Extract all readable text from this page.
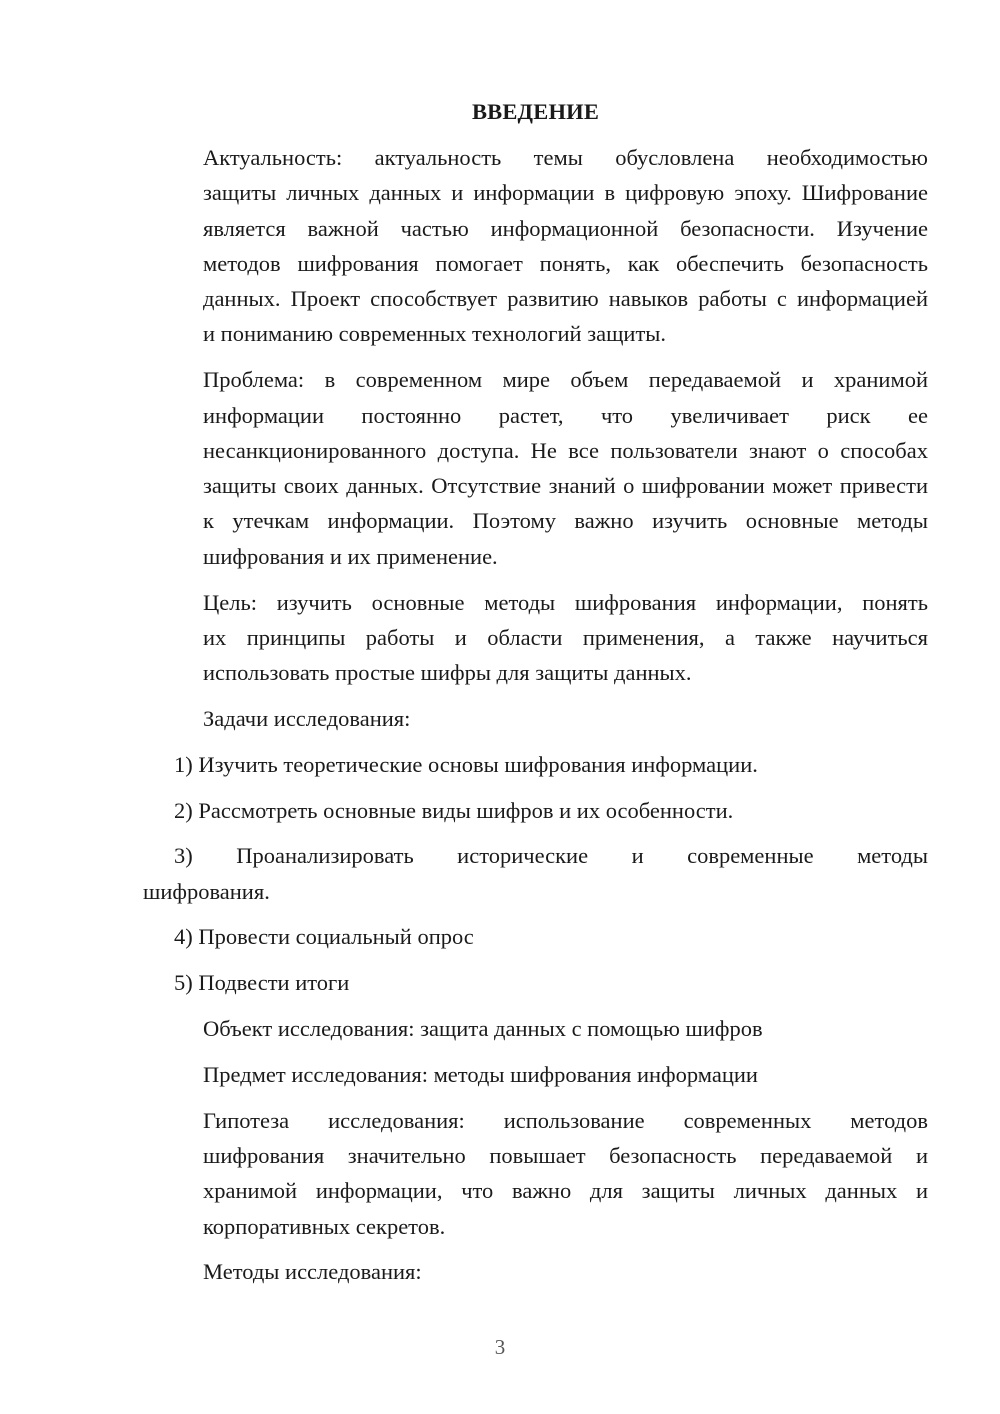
ВВЕДЕНИЕ
Актуальность: актуальность темы обусловлена необходимостью
защиты личных данных и информации в цифровую эпоху. Шифрование
является важной частью информационной безопасности. Изучение
методов шифрования помогает понять, как обеспечить безопасность
данных. Проект способствует развитию навыков работы с информацией
и пониманию современных технологий защиты.
Проблема: в современном мире объем передаваемой и хранимой
информации постоянно растет, что увеличивает риск ее
несанкционированного доступа. Не все пользователи знают о способах
защиты своих данных. Отсутствие знаний о шифровании может привести
к утечкам информации. Поэтому важно изучить основные методы
шифрования и их применение.
Цель: изучить основные методы шифрования информации, понять
их принципы работы и области применения, а также научиться
использовать простые шифры для защиты данных.
Задачи исследования:
1) Изучить теоретические основы шифрования информации.
2) Рассмотреть основные виды шифров и их особенности.
3) Проанализировать исторические и современные методы
шифрования.
4) Провести социальный опрос
5) Подвести итоги
Объект исследования: защита данных с помощью шифров
Предмет исследования: методы шифрования информации
Гипотеза исследования: использование современных методов
шифрования значительно повышает безопасность передаваемой и
хранимой информации, что важно для защиты личных данных и
корпоративных секретов.
Методы исследования:
3
